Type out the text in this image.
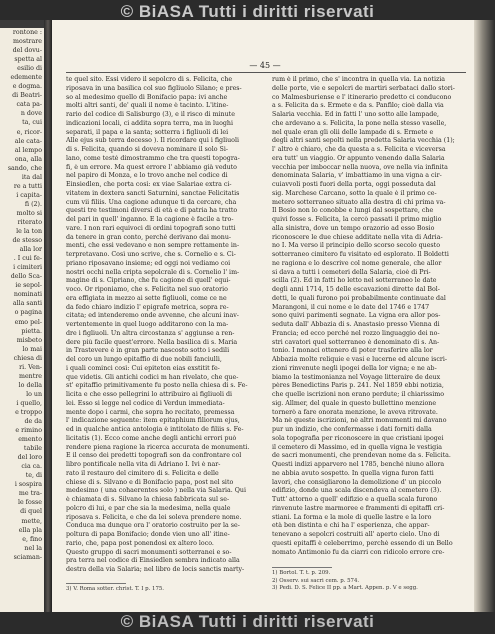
© BiASA Tutti i diritti riservati
rontone :
mostrare
del dovu-
spetta al
esilio di
edemente
e dogma.
di Beatri-
cata pa-
n dove
ta, cui
e, ricor-
ale cata-
al lempo
ona, alla
sando, che
ita dal
re a tutti
i capita-
fi (2).
molto si
riterato
le la ton
de stesso
alla lor
. I cui fe-
i cimiteri
dello Sca-
ie sepol-
nominati
alla santi
o pagina
emo pel-
pietta.
misbeto
lo mai
chiesa di
ri. Ven-
mentre
lo della
lo un
i quello,
e troppo
de da
e rimino
emento
tabile
del loro
cia ca.
te, di
i sospira
me tra-
le fosse
di quel
mette,
ella pla
e, fino
nel la
sciaman-
— 45 —
te quel sito. Essi videro il sepolcro di s. Felicita, che
riposava in una basilica col suo figliuolo Silano; e pres-
so al medesimo quello di Bonifacio papa: ivi anche
molti altri santi, de' quali il nome è tacinto. L'itine-
rario del codice di Salisburgo (3), e il risco di minute
indicazioni locali, ci addita sopra terra, ma in luoghi
separati, il papa e la santa; sotterra i figliuoli di lei
Alle ejus sub terra decesso ). Il ricordare qui i figliuoli
di s. Felicita, quando si doveva nominare il solo Si-
lano, come testé dimostrammo che tra questi topogra-
fi, è un errore. Ma quest errore l' abbiamo già veduto
nel papiro di Monza, e lo trovo anche nel codice di
Einsiedlen, che porta così: ex viae Salariae extra ci-
vitatem in dextera sancti Saturnini, sanctae Felicitatis
cum vii filiis. Una cagione adunque ti da cercare, cha
questi tre testimoni diversi di età e di patria ha tratto
del pari in quell' inganno. E la cagione è facile a tro-
vare. I non rari equivoci di ordini topografi sono tutti
da tenere in gran conto, perché derivano dai monu-
menti, che essi vedevano e non sempre rettamente in-
terpretavano. Così uno scrive, che s. Cornelio e s. Ci-
priano riposavano insieme; ed oggi noi vediamo coi
nostri occhi nella cripta sepolcrale di s. Cornelio l' im-
magine di s. Cipriano, che fu cagione di quell' equi-
voco. Or riponiamo, che s. Felicita nel suo oratorio
era effigiata in mezzo ai sette figliuoli, come ce ne
da fedo chiaro indizio l' epigrafe metrica, sopra re-
citata; ed intenderemo onde avvenne, che alcuni inav-
vertentemente in quel luogo additarono con la ma-
dre i figliuoli. Un altra circostanza s' aggiunse a ren-
dere più facile quest'errore. Nella basilica di s. Maria
in Trastevere è in gran parte nascosto sotto i sedili
del coro un lungo epitaffio di due nobili fanciulli,
i quali cominci così: Cui epiteton eias exstitit fe-
que videtis. Gli antichi codici m han rivelato, che que-
st' epitaffio primitivamente fu posto nella chiesa di s. Fe-
licita e che esso pellegrini lo attribuiro ai figliuoli di
lei. Esso si legge nel codice di Verdun immediata-
mente dopo i carmi, che sopra ho recitato, premessa
l' indicazione seguente: item epitaphium filiorum ejus,
ed in qualche antica antologia è intitolato de filiis s. Fe-
licitatis (1). Ecco come anche degli antichi errori può
rendere piena ragione la ricerca accurata de monumenti.
E il censo dei predetti topografi son da confrontare col
libro pontificale nella vita di Adriano I. Ivi è nar-
rato il restauro del cimitero di s. Felicita e delle
chiese di s. Silvano e di Bonifacio papa, post nel sito
medesimo ( una cohaerentes solo ) nella via Salaria. Qui
è chiamata di s. Silvano la chiesa fabbricata sul se-
polcro di lui, e par che sia la medesima, nella quale
riposava s. Felicita, e che da lei soleva prendere nome.
Conduca ma dunque ora l' oratorio costruito per la se-
poltura di papa Bonifacio; donde vien uno all' itine-
rario, che, papa post ponendosi ex altero loco.
Questo gruppo di sacri monumenti sotterranei e so-
pra terra nel codice di Einsiedlen sembra indicato alla
destra della via Salaria; nel libro de locis sanctis marty-
rum è il primo, che s' incontra in quella via. La notizia
delle porte, vie e sepolcri de martiri serbataci dallo stori-
co Malmesburiense e l' itinerario predetto ci conducono
a s. Felicita da s. Ermete e da s. Panfilo; cioè dalla via
Salaria vecchia. Ed in fatti l' uno sotto alle lampade,
che ardevano a s. Felicita, la pone nella stesso vaselle,
nel quale eran gli olii delle lampade di s. Ermete e
degli altri santi sepolti nella predetta Salaria vecchia (1);
l' altro è chiaro, che da questa a s. Felicita e viceversa
era tutt' un viaggio. Or appunto venendo dalla Salaria
vecchia per imboccar nella nuova, ove nella via infinita
denominata Salaria, v' imbattiamo in una vigna a cir-
cuiavvoli posti fuori della porta, oggi posseduta dal
sig. Marchese Carcano, sotto la quale è il primo ce-
metero sotterraneo situato alla destra di chi prima va-
Il Bosio non lo conobbe e lungi dal sospettare, che
quivi fosse s. Felicita, la cercò passati il primo miglio
alla sinistra, dove un tempo orazorio ad esso Bosio
riconoscere le due chiese additate nella vita di Adria-
no I. Ma verso il principio dello scorso secolo questo
sotterraneo cimitero fu visitato ed esplorato. Il Boldetti
ne ragiona e lo descrive col nome generale, che allor
si dava a tutti i cemeteri della Salaria, cioè di Pri-
scilla (2). Ed in fatti ho letto nel sotterraneo le date
degli anni 1714, 15 delle escavazioni dirette dal Bol-
detti, le quali furono poi probabilmente continuate dal
Marangoni, il cui nome e le date del 1746 e 1747
sono quivi parimenti segnate. La vigna era allor pos-
seduta dall' Abbazia di s. Anastasio presso Vienna di
Francia; ed ecco perché nel rozzo linguaggio dei no-
stri cavatori quel sotterraneo è denominato di s. An-
tonio. I monaci ottenero di poter trasferire alla lor
Abbazia molte reliquie e vasi e lucerne ed alcune iscri-
zioni rinvenute negli ipogei della lor vigna; e ne ab-
biamo la testimonianza nel Voyage litteraire de deux
pères Benedictins Paris p. 241. Nel 1859 ebbi notizia,
che quelle iscrizioni non erano perdute; il chiarissimo
sig. Allmer, del quale in questo bullettino menzione
tornerò a fare onorata menzione, le aveva ritrovate.
Ma nè queste iscrizioni, nè altri monumenti mi davano
pur un indizio, che confermasse i dati forniti dalla
sola topografia per riconoscere in que cristiani ipogei
il cemetero di Massimo, ed in quella vigna le vestigia
de sacri monumenti, che prendevan nome da s. Felicita.
Questi indizi apparvero nel 1785, benché niuno allora
ne abbia avuto sospetto. In quella vigna furon fatti
lavori, che consigliarono la demolizione d' un piccolo
edifizio, donde una scala discendeva al cemetero (3).
Tutt' attorno a quell' edifizio e a quella scala furono
rinvenute lastre marmoree e frammenti di epitaffi cri-
stiani. La forma e la mole di quelle lastre e la loro
età ben distinta e chi ha l' esperienza, che appar-
tenevano a sepolcri costruiti all' aperto cielo. Uno di
questi epitaffi è celeberrimo, perchè essendo di un Bello
nomato Antimonio fu da ciarri con ridicolo errore cre-
3) V. Roma sotter. christ. T. I p. 175.
1) Bortol. T. t. p. 209.
2) Osserv. sui sacri cem. p. 574.
3) Pedi. D. S. Felice II pp. a Mart. Appen. p. V e segg.
© BiASA Tutti i diritti riservati
